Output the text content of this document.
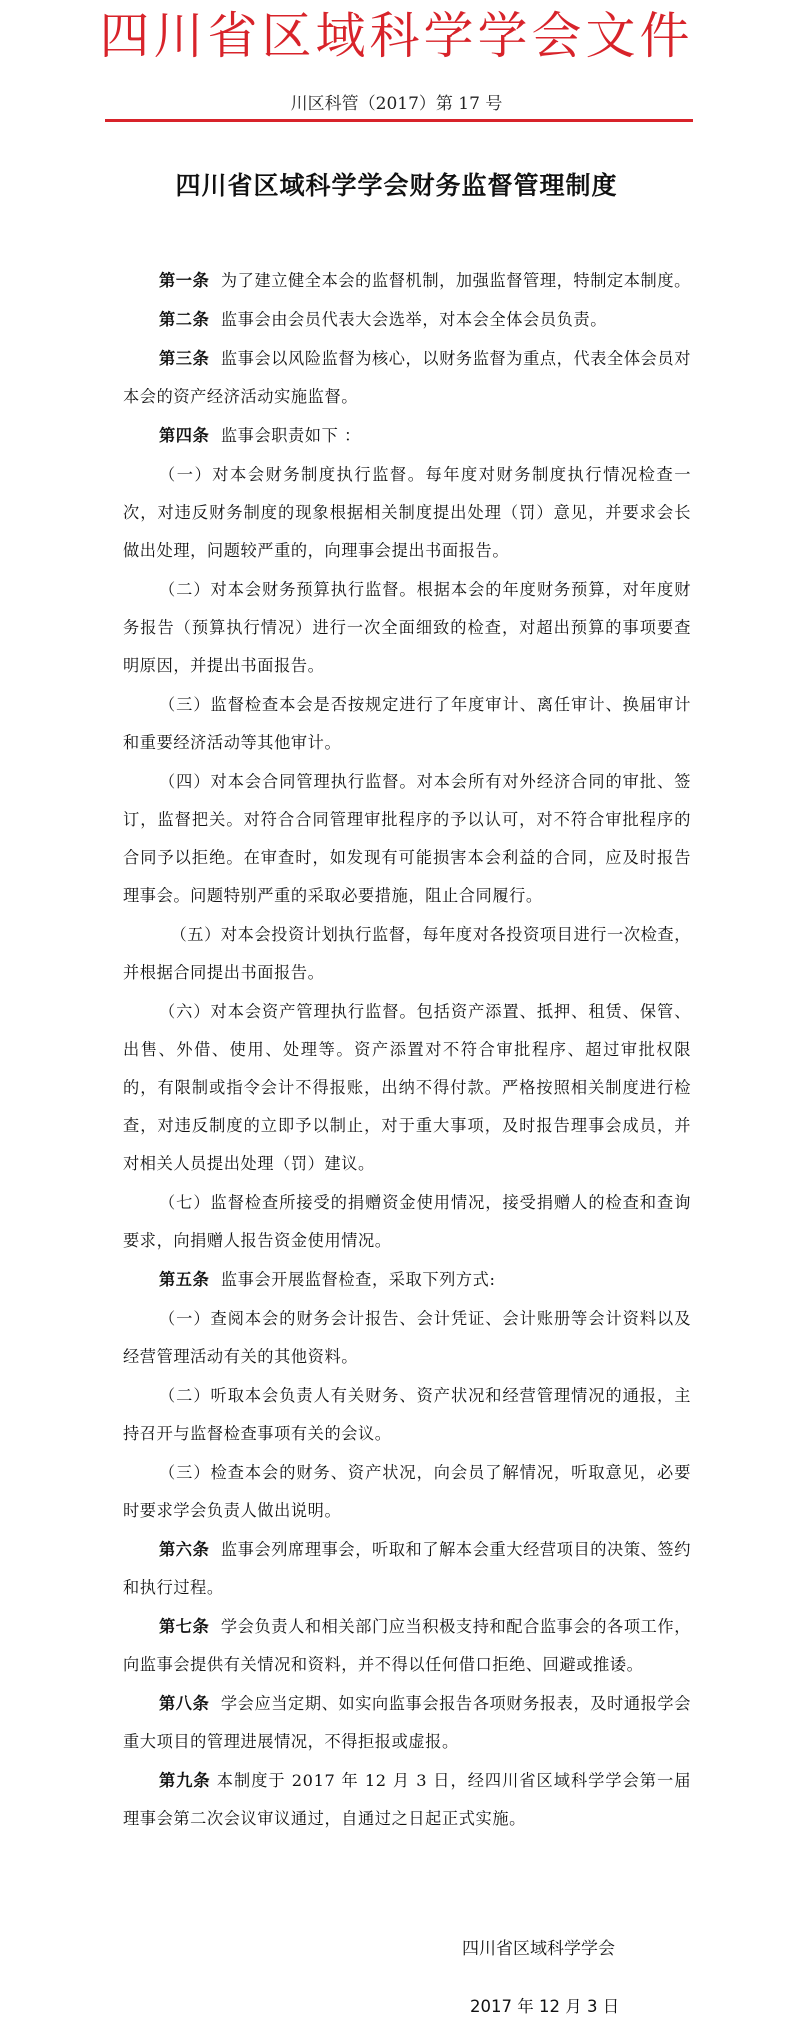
四川省区域科学学会文件
川区科管（2017）第 17 号
四川省区域科学学会财务监督管理制度

第一条  为了建立健全本会的监督机制，加强监督管理，特制定本制度。

第二条  监事会由会员代表大会选举，对本会全体会员负责。

第三条  监事会以风险监督为核心，以财务监督为重点，代表全体会员对本会的资产经济活动实施监督。

第四条  监事会职责如下 ：

（一）对本会财务制度执行监督。每年度对财务制度执行情况检查一次，对违反财务制度的现象根据相关制度提出处理（罚）意见，并要求会长做出处理，问题较严重的，向理事会提出书面报告。

（二）对本会财务预算执行监督。根据本会的年度财务预算，对年度财务报告（预算执行情况）进行一次全面细致的检查，对超出预算的事项要查明原因，并提出书面报告。

（三）监督检查本会是否按规定进行了年度审计、离任审计、换届审计和重要经济活动等其他审计。

（四）对本会合同管理执行监督。对本会所有对外经济合同的审批、签订，监督把关。对符合合同管理审批程序的予以认可，对不符合审批程序的合同予以拒绝。在审查时，如发现有可能损害本会利益的合同，应及时报告理事会。问题特别严重的采取必要措施，阻止合同履行。

（五）对本会投资计划执行监督，每年度对各投资项目进行一次检查，并根据合同提出书面报告。

（六）对本会资产管理执行监督。包括资产添置、抵押、租赁、保管、出售、外借、使用、处理等。资产添置对不符合审批程序、超过审批权限的，有限制或指令会计不得报账，出纳不得付款。严格按照相关制度进行检查，对违反制度的立即予以制止，对于重大事项，及时报告理事会成员，并对相关人员提出处理（罚）建议。

（七）监督检查所接受的捐赠资金使用情况，接受捐赠人的检查和查询要求，向捐赠人报告资金使用情况。

第五条  监事会开展监督检查，采取下列方式:

（一）查阅本会的财务会计报告、会计凭证、会计账册等会计资料以及经营管理活动有关的其他资料。

（二）听取本会负责人有关财务、资产状况和经营管理情况的通报，主持召开与监督检查事项有关的会议。

（三）检查本会的财务、资产状况，向会员了解情况，听取意见，必要时要求学会负责人做出说明。

第六条  监事会列席理事会，听取和了解本会重大经营项目的决策、签约和执行过程。

第七条  学会负责人和相关部门应当积极支持和配合监事会的各项工作，向监事会提供有关情况和资料，并不得以任何借口拒绝、回避或推诿。

第八条  学会应当定期、如实向监事会报告各项财务报表，及时通报学会重大项目的管理进展情况，不得拒报或虚报。

第九条 本制度于 2017 年 12 月 3 日，经四川省区域科学学会第一届理事会第二次会议审议通过，自通过之日起正式实施。

四川省区域科学学会
2017 年 12 月 3 日
